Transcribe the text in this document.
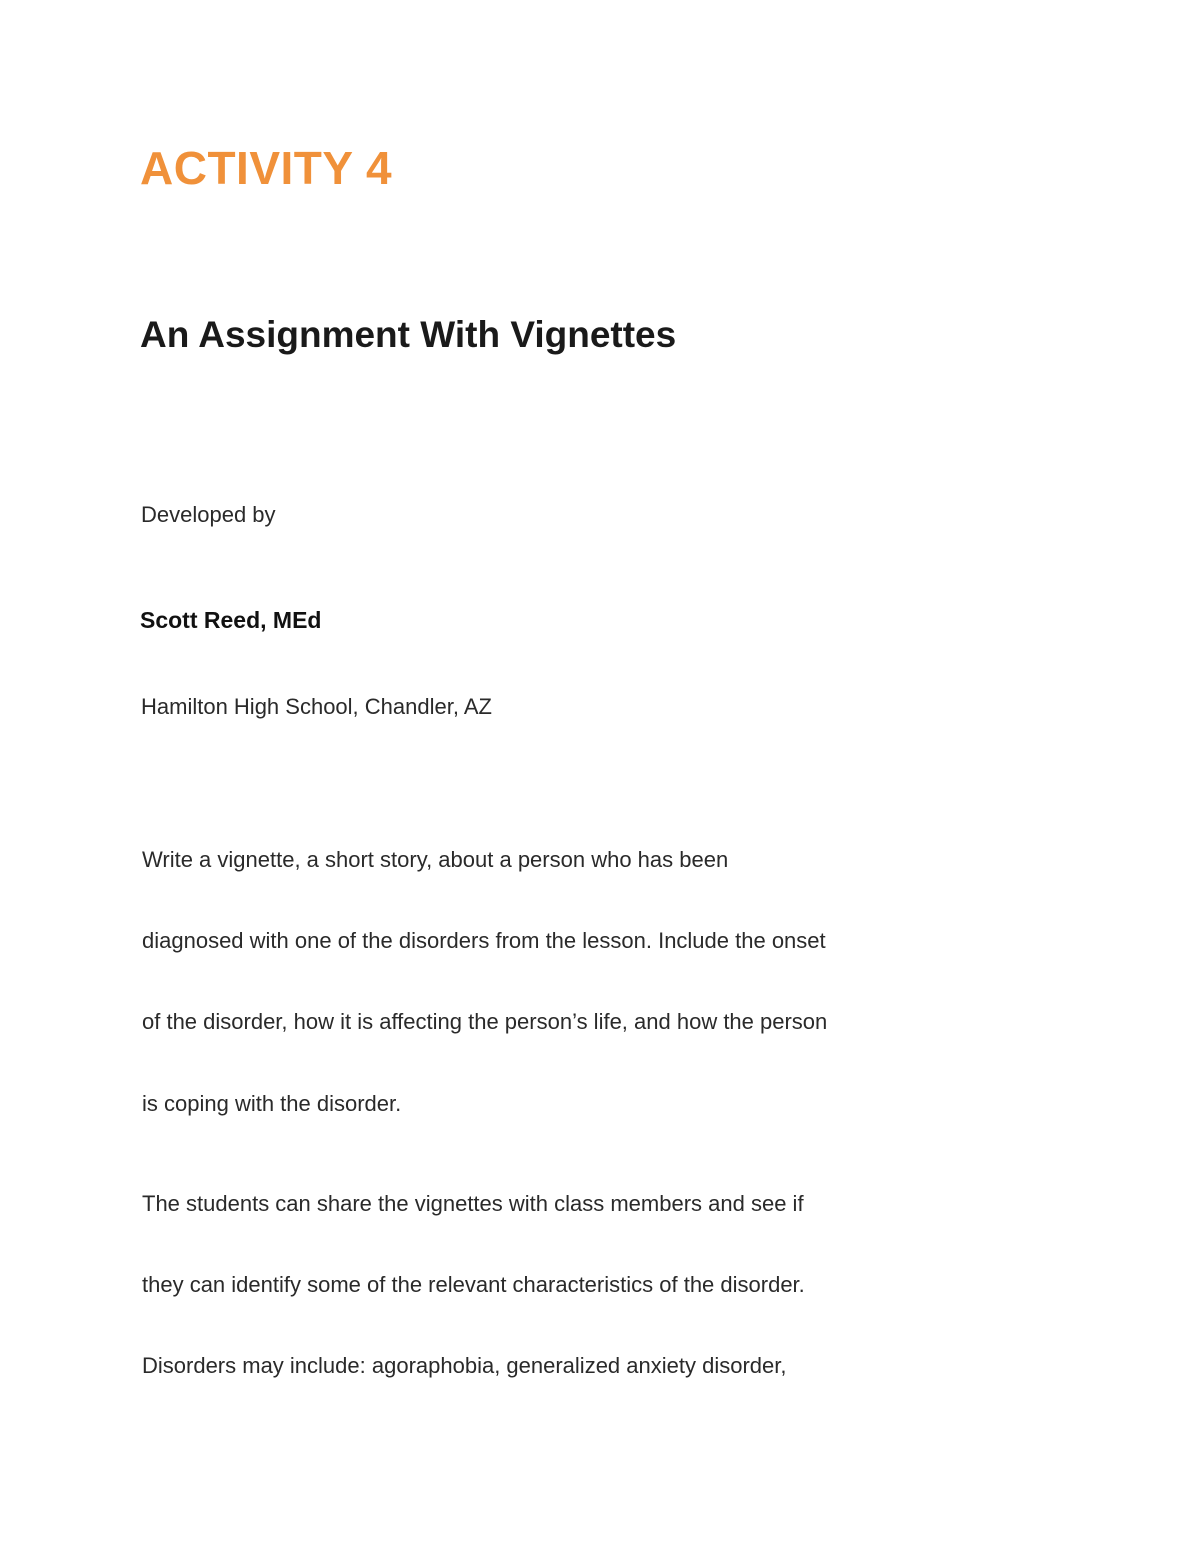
ACTIVITY 4
An Assignment With Vignettes

Developed by

Scott Reed, MEd

Hamilton High School, Chandler, AZ

Write a vignette, a short story, about a person who has been

diagnosed with one of the disorders from the lesson. Include the onset

of the disorder, how it is affecting the person’s life, and how the person

is coping with the disorder.

The students can share the vignettes with class members and see if

they can identify some of the relevant characteristics of the disorder.

Disorders may include: agoraphobia, generalized anxiety disorder,
